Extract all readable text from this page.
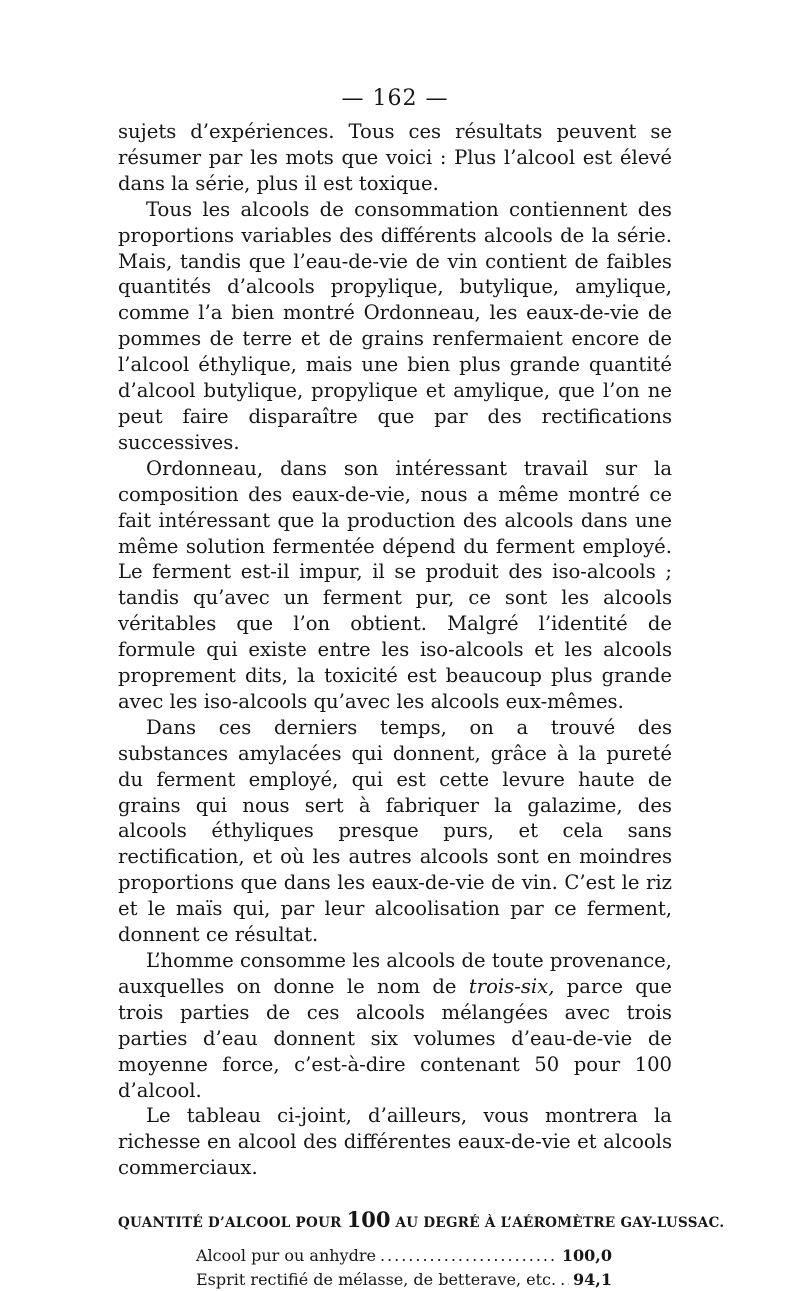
— 162 —

sujets d’expériences. Tous ces résultats peuvent se résumer par les mots que voici : Plus l’alcool est élevé dans la série, plus il est toxique.

Tous les alcools de consommation contiennent des proportions variables des différents alcools de la série. Mais, tandis que l’eau-de-vie de vin contient de faibles quantités d’alcools propylique, butylique, amylique, comme l’a bien montré Ordonneau, les eaux-de-vie de pommes de terre et de grains renfermaient encore de l’alcool éthylique, mais une bien plus grande quantité d’alcool butylique, propylique et amylique, que l’on ne peut faire disparaître que par des rectifications successives.

Ordonneau, dans son intéressant travail sur la composition des eaux-de-vie, nous a même montré ce fait intéressant que la production des alcools dans une même solution fermentée dépend du ferment employé. Le ferment est-il impur, il se produit des iso-alcools ; tandis qu’avec un ferment pur, ce sont les alcools véritables que l’on obtient. Malgré l’identité de formule qui existe entre les iso-alcools et les alcools proprement dits, la toxicité est beaucoup plus grande avec les iso-alcools qu’avec les alcools eux-mêmes.

Dans ces derniers temps, on a trouvé des substances amylacées qui donnent, grâce à la pureté du ferment employé, qui est cette levure haute de grains qui nous sert à fabriquer la galazime, des alcools éthyliques presque purs, et cela sans rectification, et où les autres alcools sont en moindres proportions que dans les eaux-de-vie de vin. C’est le riz et le maïs qui, par leur alcoolisation par ce ferment, donnent ce résultat.

L’homme consomme les alcools de toute provenance, auxquelles on donne le nom de trois-six, parce que trois parties de ces alcools mélangées avec trois parties d’eau donnent six volumes d’eau-de-vie de moyenne force, c’est-à-dire contenant 50 pour 100 d’alcool.

Le tableau ci-joint, d’ailleurs, vous montrera la richesse en alcool des différentes eaux-de-vie et alcools commerciaux.

QUANTITÉ D’ALCOOL POUR 100 AU DEGRÉ À L’AÉROMÈTRE GAY-LUSSAC.
Alcool pur ou anhydre .....	100,0
Esprit rectifié de mélasse, de betterave, etc. ..... 94,1
